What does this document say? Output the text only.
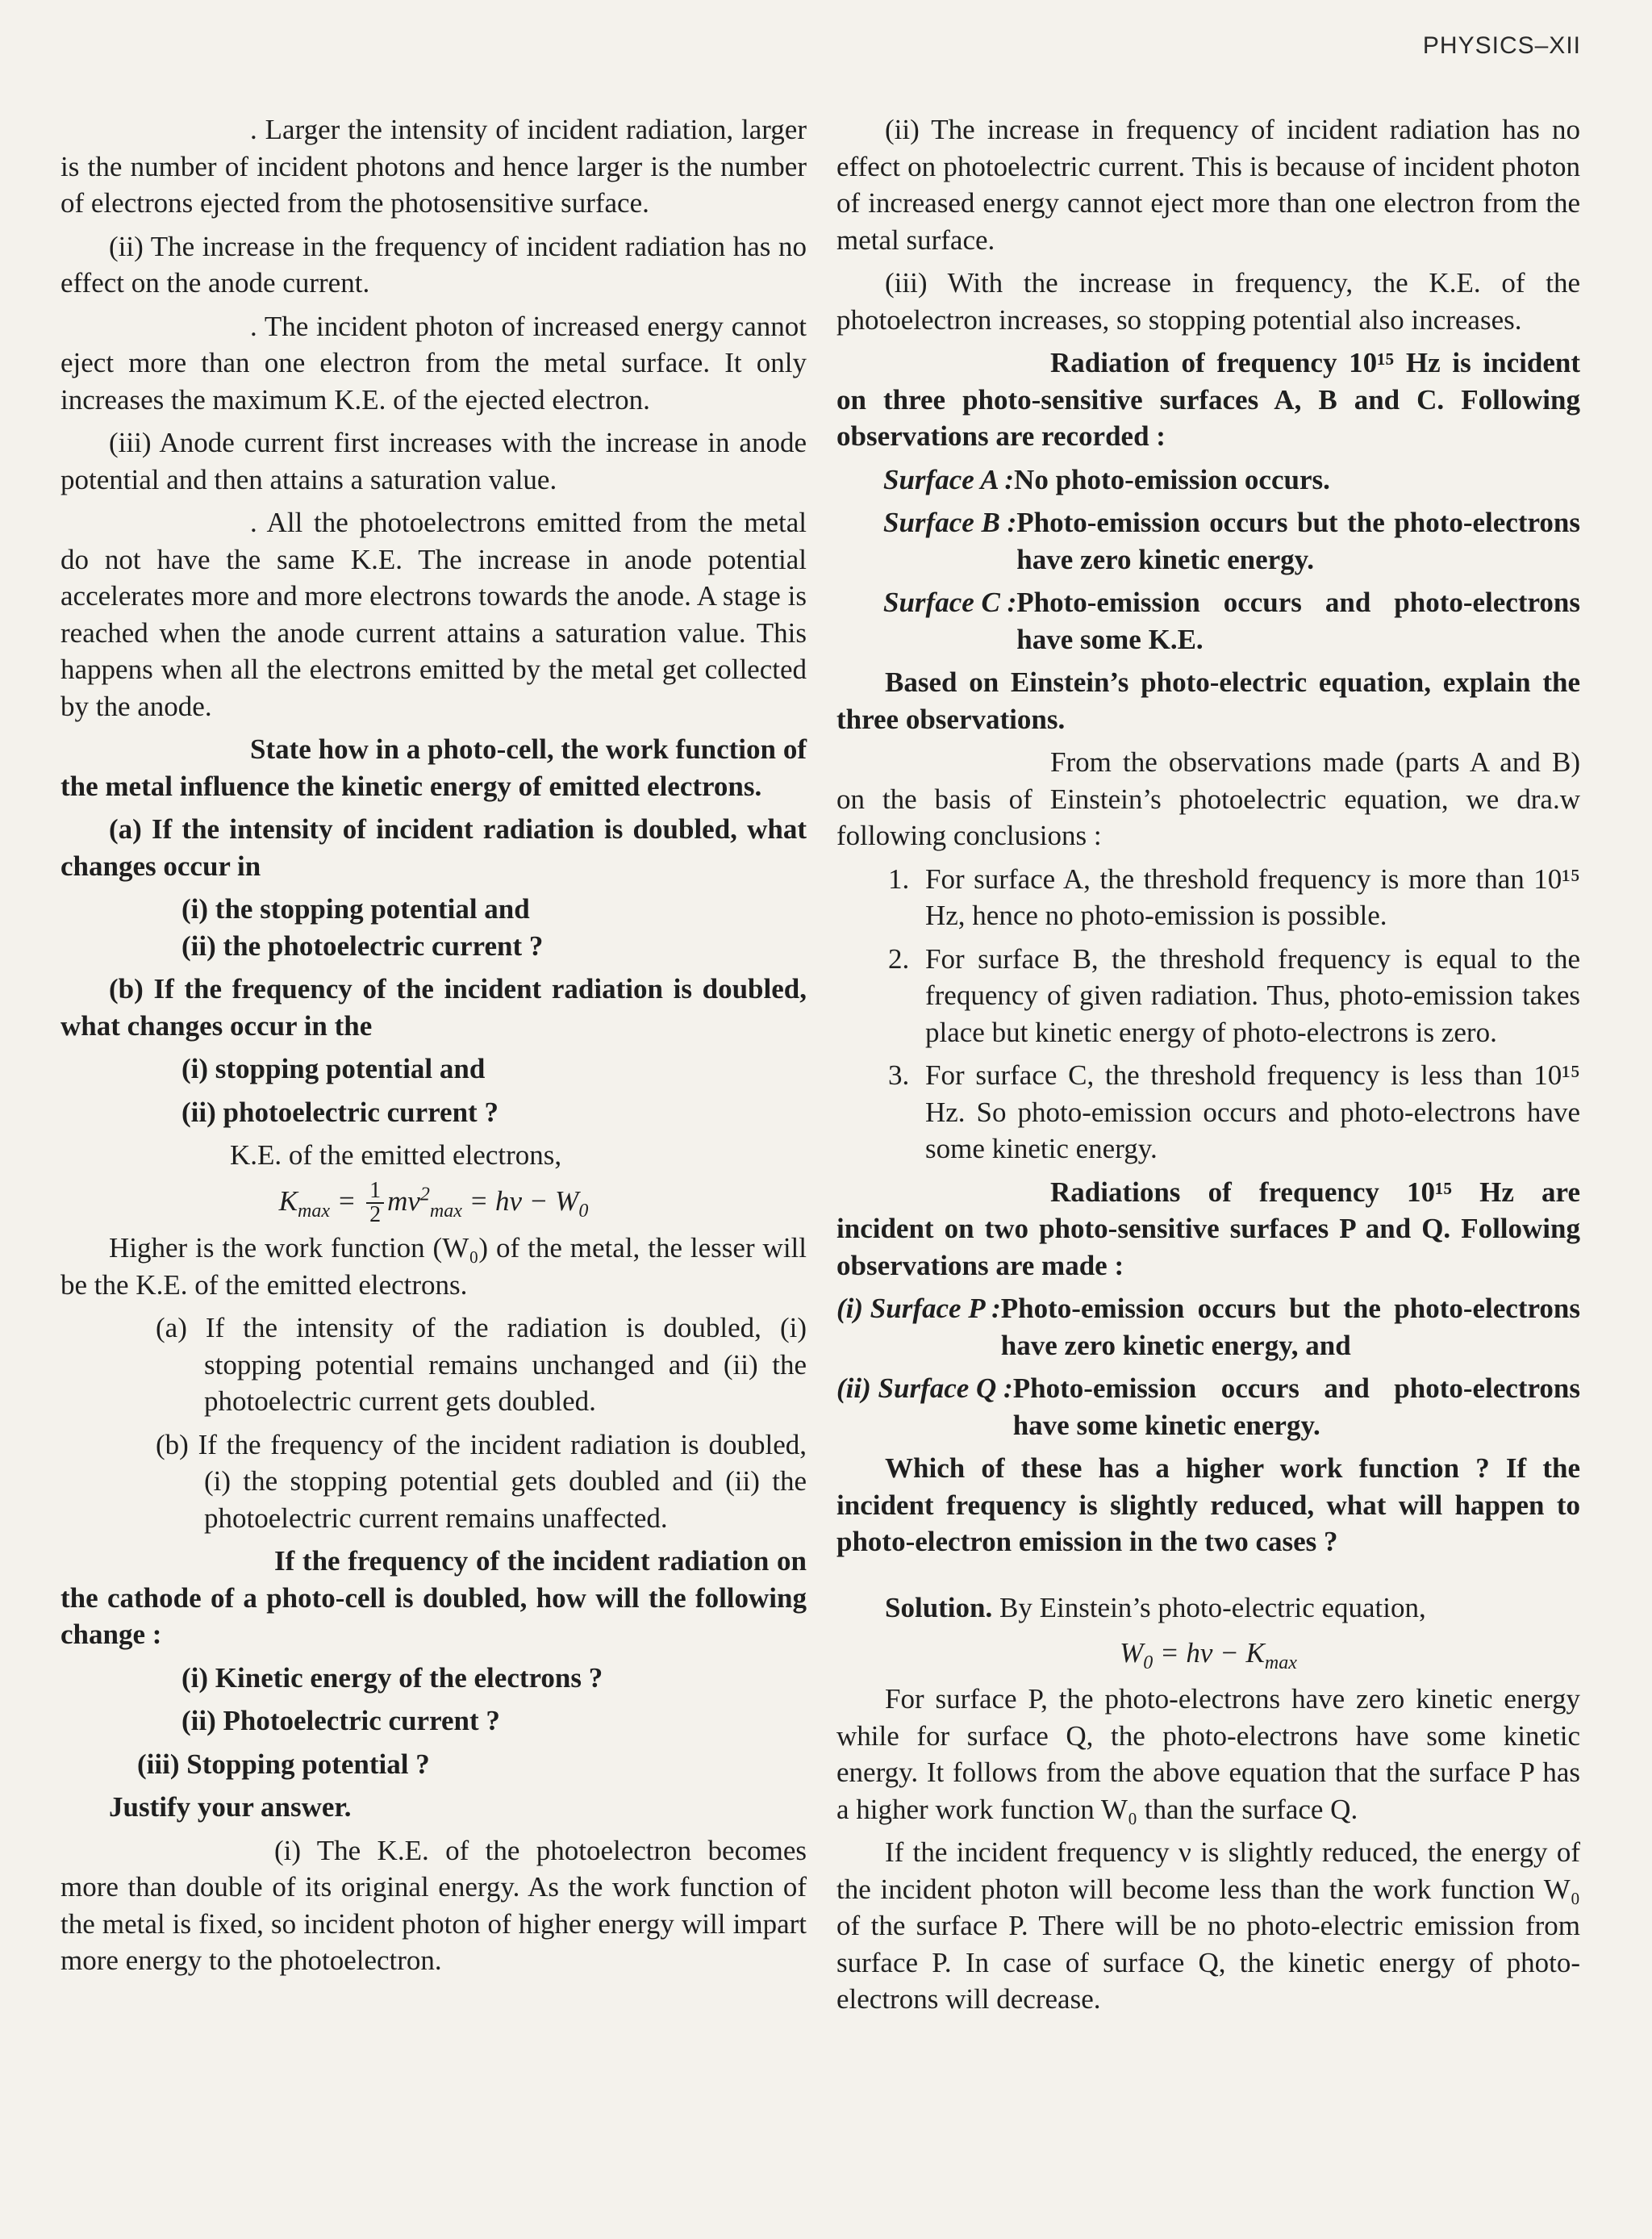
PHYSICS–XII

. Larger the intensity of incident radiation, larger is the number of incident photons and hence larger is the number of electrons ejected from the photosensitive surface.

(ii) The increase in the frequency of incident radiation has no effect on the anode current.

. The incident photon of increased energy cannot eject more than one electron from the metal surface. It only increases the maximum K.E. of the ejected electron.

(iii) Anode current first increases with the increase in anode potential and then attains a saturation value.

. All the photoelectrons emitted from the metal do not have the same K.E. The increase in anode potential accelerates more and more electrons towards the anode. A stage is reached when the anode current attains a saturation value. This happens when all the electrons emitted by the metal get collected by the anode.

State how in a photo-cell, the work function of the metal influence the kinetic energy of emitted electrons.

(a) If the intensity of incident radiation is doubled, what changes occur in

(i) the stopping potential and

(ii) the photoelectric current ?

(b) If the frequency of the incident radiation is doubled, what changes occur in the

(i) stopping potential and

(ii) photoelectric current ?

K.E. of the emitted electrons,

$K_{max} = \frac{1}{2} mv^2_{max} = h\nu - W_0$

Higher is the work function (W₀) of the metal, the lesser will be the K.E. of the emitted electrons.

(a) If the intensity of the radiation is doubled, (i) stopping potential remains unchanged and (ii) the photoelectric current gets doubled.

(b) If the frequency of the incident radiation is doubled, (i) the stopping potential gets doubled and (ii) the photoelectric current remains unaffected.

If the frequency of the incident radiation on the cathode of a photo-cell is doubled, how will the following change :

(i) Kinetic energy of the electrons ?

(ii) Photoelectric current ?

(iii) Stopping potential ?

Justify your answer.

(i) The K.E. of the photoelectron becomes more than double of its original energy. As the work function of the metal is fixed, so incident photon of higher energy will impart more energy to the photoelectron.

(ii) The increase in frequency of incident radiation has no effect on photoelectric current. This is because of incident photon of increased energy cannot eject more than one electron from the metal surface.

(iii) With the increase in frequency, the K.E. of the photoelectron increases, so stopping potential also increases.

Radiation of frequency 10¹⁵ Hz is incident on three photo-sensitive surfaces A, B and C. Following observations are recorded :

Surface A : No photo-emission occurs.
Surface B : Photo-emission occurs but the photo-electrons have zero kinetic energy.
Surface C : Photo-emission occurs and photo-electrons have some K.E.

Based on Einstein’s photo-electric equation, explain the three observations.

From the observations made (parts A and B) on the basis of Einstein’s photoelectric equation, we dra.w following conclusions :

1. For surface A, the threshold frequency is more than 10¹⁵ Hz, hence no photo-emission is possible.
2. For surface B, the threshold frequency is equal to the frequency of given radiation. Thus, photo-emission takes place but kinetic energy of photo-electrons is zero.
3. For surface C, the threshold frequency is less than 10¹⁵ Hz. So photo-emission occurs and photo-electrons have some kinetic energy.

Radiations of frequency 10¹⁵ Hz are incident on two photo-sensitive surfaces P and Q. Following observations are made :

(i) Surface P : Photo-emission occurs but the photo-electrons have zero kinetic energy, and
(ii) Surface Q : Photo-emission occurs and photo-electrons have some kinetic energy.

Which of these has a higher work function ? If the incident frequency is slightly reduced, what will happen to photo-electron emission in the two cases ?

Solution. By Einstein’s photo-electric equation,

$W_0 = h\nu - K_{max}$

For surface P, the photo-electrons have zero kinetic energy while for surface Q, the photo-electrons have some kinetic energy. It follows from the above equation that the surface P has a higher work function W₀ than the surface Q.

If the incident frequency ν is slightly reduced, the energy of the incident photon will become less than the work function W₀ of the surface P. There will be no photo-electric emission from surface P. In case of surface Q, the kinetic energy of photo-electrons will decrease.
